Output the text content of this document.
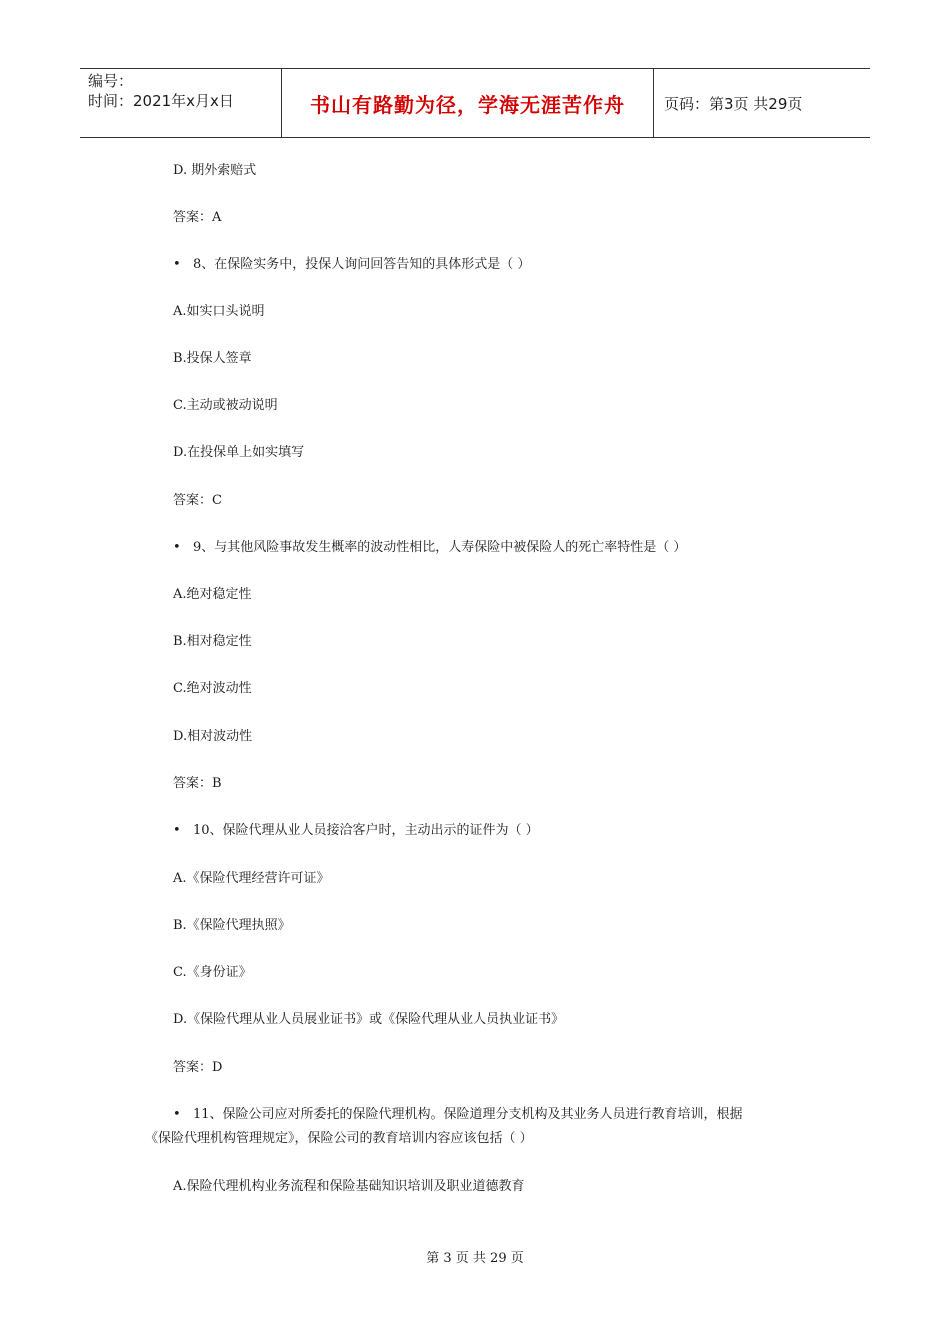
编号：
时间：2021年x月x日	书山有路勤为径，学海无涯苦作舟	页码：第3页 共29页
D. 期外索赔式
答案：A
• 8、在保险实务中，投保人询问回答告知的具体形式是（ ）
A.如实口头说明
B.投保人签章
C.主动或被动说明
D.在投保单上如实填写
答案：C
• 9、与其他风险事故发生概率的波动性相比，人寿保险中被保险人的死亡率特性是（ ）
A.绝对稳定性
B.相对稳定性
C.绝对波动性
D.相对波动性
答案：B
• 10、保险代理从业人员接洽客户时，主动出示的证件为（ ）
A.《保险代理经营许可证》
B.《保险代理执照》
C.《身份证》
D.《保险代理从业人员展业证书》或《保险代理从业人员执业证书》
答案：D
• 11、保险公司应对所委托的保险代理机构。保险道理分支机构及其业务人员进行教育培训，根据
《保险代理机构管理规定》，保险公司的教育培训内容应该包括（ ）
A.保险代理机构业务流程和保险基础知识培训及职业道德教育
第 3 页 共 29 页
